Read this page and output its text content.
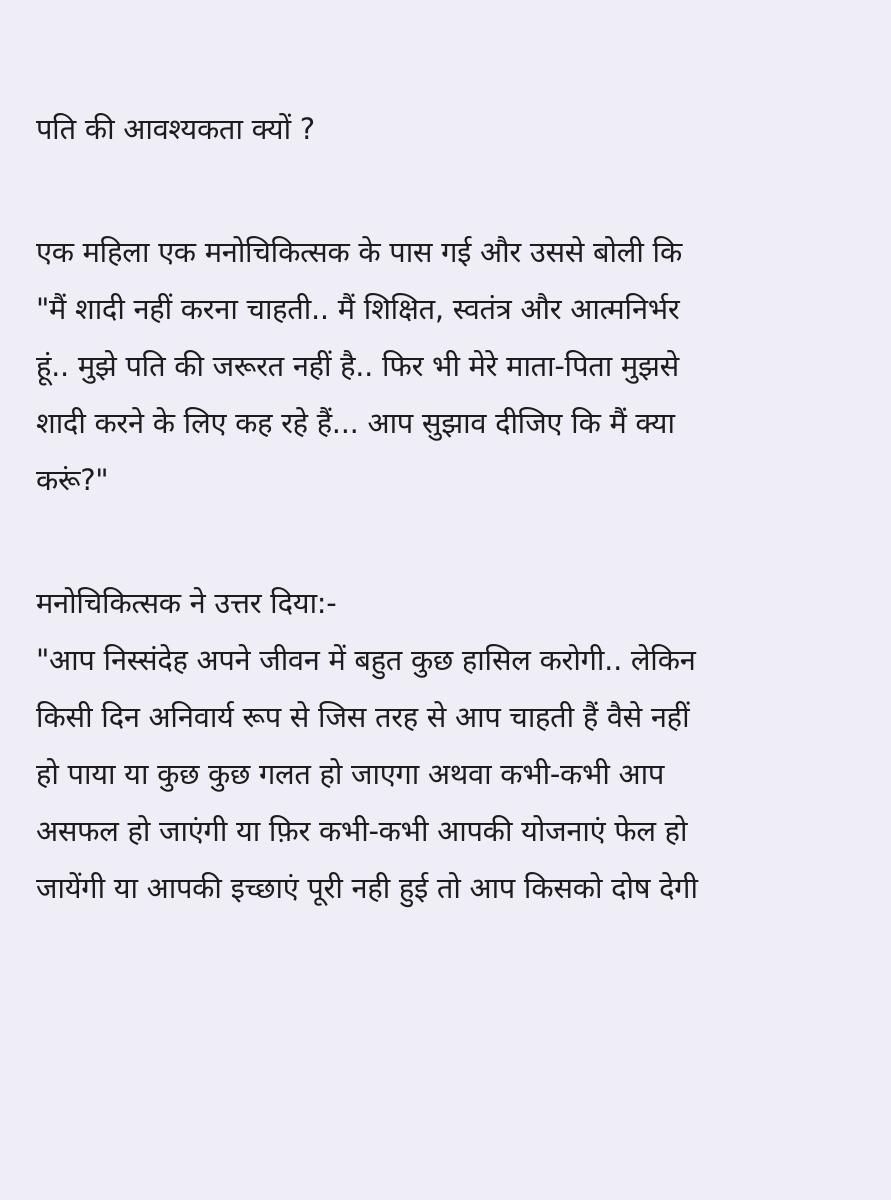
पति की आवश्यकता क्यों ?
एक महिला एक मनोचिकित्सक के पास गई और उससे बोली कि
"मैं शादी नहीं करना चाहती.. मैं शिक्षित, स्वतंत्र और आत्मनिर्भर
हूं.. मुझे पति की जरूरत नहीं है.. फिर भी मेरे माता-पिता मुझसे
शादी करने के लिए कह रहे हैं... आप सुझाव दीजिए कि मैं क्या
करूं?"
मनोचिकित्सक ने उत्तर दिया:-
"आप निस्संदेह अपने जीवन में बहुत कुछ हासिल करोगी.. लेकिन
किसी दिन अनिवार्य रूप से जिस तरह से आप चाहती हैं वैसे नहीं
हो पाया या कुछ कुछ गलत हो जाएगा अथवा कभी-कभी आप
असफल हो जाएंगी या फ़िर कभी-कभी आपकी योजनाएं फेल हो
जायेंगी या आपकी इच्छाएं पूरी नही हुई तो आप किसको दोष देगी
